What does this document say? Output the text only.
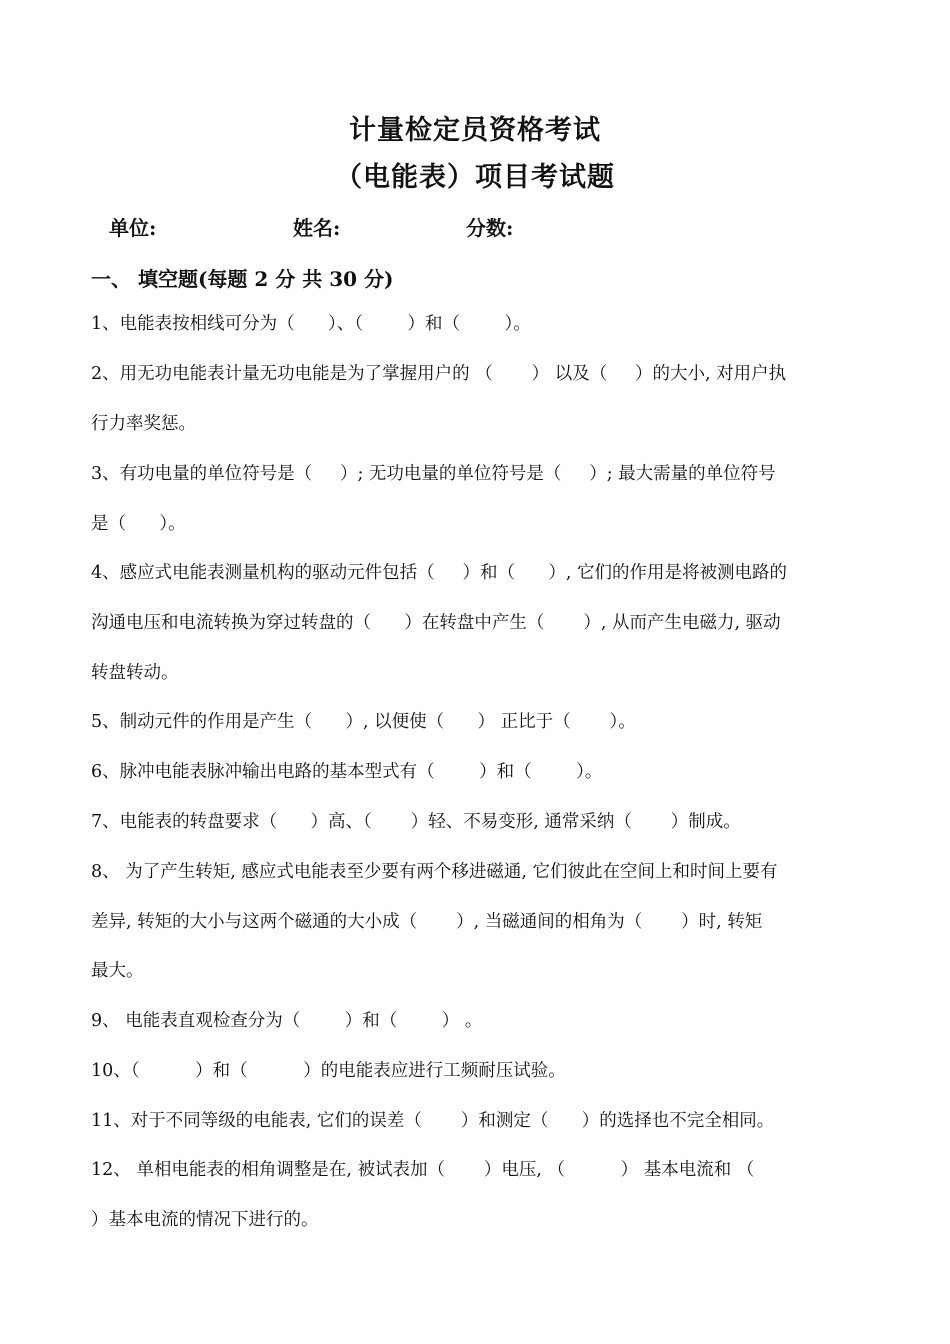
计量检定员资格考试
（电能表）项目考试题
单位:	姓名:	分数:
一、 填空题(每题 2 分 共 30 分)
1、电能表按相线可分为（      ）、（        ）和（        ）。
2、用无功电能表计量无功电能是为了掌握用户的 （       ） 以及（     ）的大小, 对用户执
行力率奖惩。
3、有功电量的单位符号是（     ）; 无功电量的单位符号是（     ）; 最大需量的单位符号
是（      ）。
4、感应式电能表测量机构的驱动元件包括（     ）和（      ）, 它们的作用是将被测电路的
沟通电压和电流转换为穿过转盘的（      ）在转盘中产生（       ）, 从而产生电磁力, 驱动
转盘转动。
5、制动元件的作用是产生（      ）, 以便使（      ） 正比于（       ）。
6、脉冲电能表脉冲输出电路的基本型式有（        ）和（        ）。
7、电能表的转盘要求（      ）高、（       ）轻、不易变形, 通常采纳（       ）制成。
8、 为了产生转矩, 感应式电能表至少要有两个移进磁通, 它们彼此在空间上和时间上要有
差异, 转矩的大小与这两个磁通的大小成（       ）, 当磁通间的相角为（       ）时, 转矩
最大。
9、 电能表直观检查分为（        ）和（        ） 。
10、（          ）和（          ）的电能表应进行工频耐压试验。
11、对于不同等级的电能表, 它们的误差（       ）和测定（      ）的选择也不完全相同。
12、 单相电能表的相角调整是在, 被试表加（       ）电压, （          ） 基本电流和 （
）基本电流的情况下进行的。
